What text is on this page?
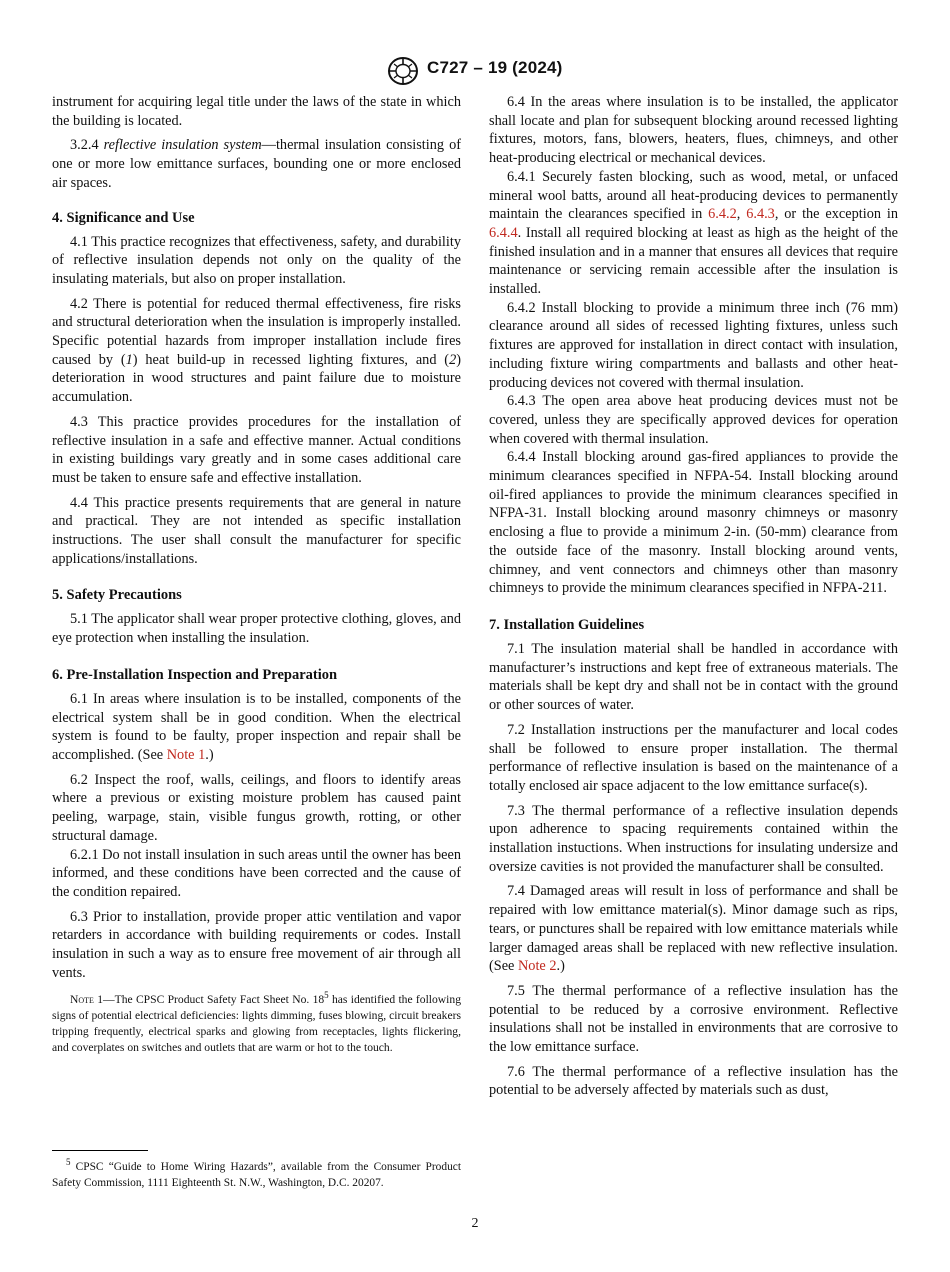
C727 – 19 (2024)

instrument for acquiring legal title under the laws of the state in which the building is located.

3.2.4 reflective insulation system—thermal insulation consisting of one or more low emittance surfaces, bounding one or more enclosed air spaces.

4. Significance and Use

4.1 This practice recognizes that effectiveness, safety, and durability of reflective insulation depends not only on the quality of the insulating materials, but also on proper installation.

4.2 There is potential for reduced thermal effectiveness, fire risks and structural deterioration when the insulation is improperly installed. Specific potential hazards from improper installation include fires caused by (1) heat build-up in recessed lighting fixtures, and (2) deterioration in wood structures and paint failure due to moisture accumulation.

4.3 This practice provides procedures for the installation of reflective insulation in a safe and effective manner. Actual conditions in existing buildings vary greatly and in some cases additional care must be taken to ensure safe and effective installation.

4.4 This practice presents requirements that are general in nature and practical. They are not intended as specific installation instructions. The user shall consult the manufacturer for specific applications/installations.

5. Safety Precautions

5.1 The applicator shall wear proper protective clothing, gloves, and eye protection when installing the insulation.

6. Pre-Installation Inspection and Preparation

6.1 In areas where insulation is to be installed, components of the electrical system shall be in good condition. When the electrical system is found to be faulty, proper inspection and repair shall be accomplished. (See Note 1.)

6.2 Inspect the roof, walls, ceilings, and floors to identify areas where a previous or existing moisture problem has caused paint peeling, warpage, stain, visible fungus growth, rotting, or other structural damage.

6.2.1 Do not install insulation in such areas until the owner has been informed, and these conditions have been corrected and the cause of the condition repaired.

6.3 Prior to installation, provide proper attic ventilation and vapor retarders in accordance with building requirements or codes. Install insulation in such a way as to ensure free movement of air through all vents.

Note 1—The CPSC Product Safety Fact Sheet No. $18^5$ has identified the following signs of potential electrical deficiencies: lights dimming, fuses blowing, circuit breakers tripping frequently, electrical sparks and glowing from receptacles, lights flickering, and coverplates on switches and outlets that are warm or hot to the touch.
$^5$ CPSC “Guide to Home Wiring Hazards”, available from the Consumer Product Safety Commission, 1111 Eighteenth St. N.W., Washington, D.C. 20207.

6.4 In the areas where insulation is to be installed, the applicator shall locate and plan for subsequent blocking around recessed lighting fixtures, motors, fans, blowers, heaters, flues, chimneys, and other heat-producing electrical or mechanical devices.

6.4.1 Securely fasten blocking, such as wood, metal, or unfaced mineral wool batts, around all heat-producing devices to permanently maintain the clearances specified in 6.4.2, 6.4.3, or the exception in 6.4.4. Install all required blocking at least as high as the height of the finished insulation and in a manner that ensures all devices that require maintenance or servicing remain accessible after the insulation is installed.

6.4.2 Install blocking to provide a minimum three inch (76 mm) clearance around all sides of recessed lighting fixtures, unless such fixtures are approved for installation in direct contact with insulation, including fixture wiring compartments and ballasts and other heat-producing devices not covered with thermal insulation.

6.4.3 The open area above heat producing devices must not be covered, unless they are specifically approved devices for operation when covered with thermal insulation.

6.4.4 Install blocking around gas-fired appliances to provide the minimum clearances specified in NFPA-54. Install blocking around oil-fired appliances to provide the minimum clearances specified in NFPA-31. Install blocking around masonry chimneys or masonry enclosing a flue to provide a minimum 2-in. (50-mm) clearance from the outside face of the masonry. Install blocking around vents, chimney, and vent connectors and chimneys other than masonry chimneys to provide the minimum clearances specified in NFPA-211.

7. Installation Guidelines

7.1 The insulation material shall be handled in accordance with manufacturer’s instructions and kept free of extraneous materials. The materials shall be kept dry and shall not be in contact with the ground or other sources of water.

7.2 Installation instructions per the manufacturer and local codes shall be followed to ensure proper installation. The thermal performance of reflective insulation is based on the maintenance of a totally enclosed air space adjacent to the low emittance surface(s).

7.3 The thermal performance of a reflective insulation depends upon adherence to spacing requirements contained within the installation instuctions. When instructions for insulating undersize and oversize cavities is not provided the manufacturer shall be consulted.

7.4 Damaged areas will result in loss of performance and shall be repaired with low emittance material(s). Minor damage such as rips, tears, or punctures shall be repaired with low emittance materials while larger damaged areas shall be replaced with new reflective insulation. (See Note 2.)

7.5 The thermal performance of a reflective insulation has the potential to be reduced by a corrosive environment. Reflective insulations shall not be installed in environments that are corrosive to the low emittance surface.

7.6 The thermal performance of a reflective insulation has the potential to be adversely affected by materials such as dust,

2
